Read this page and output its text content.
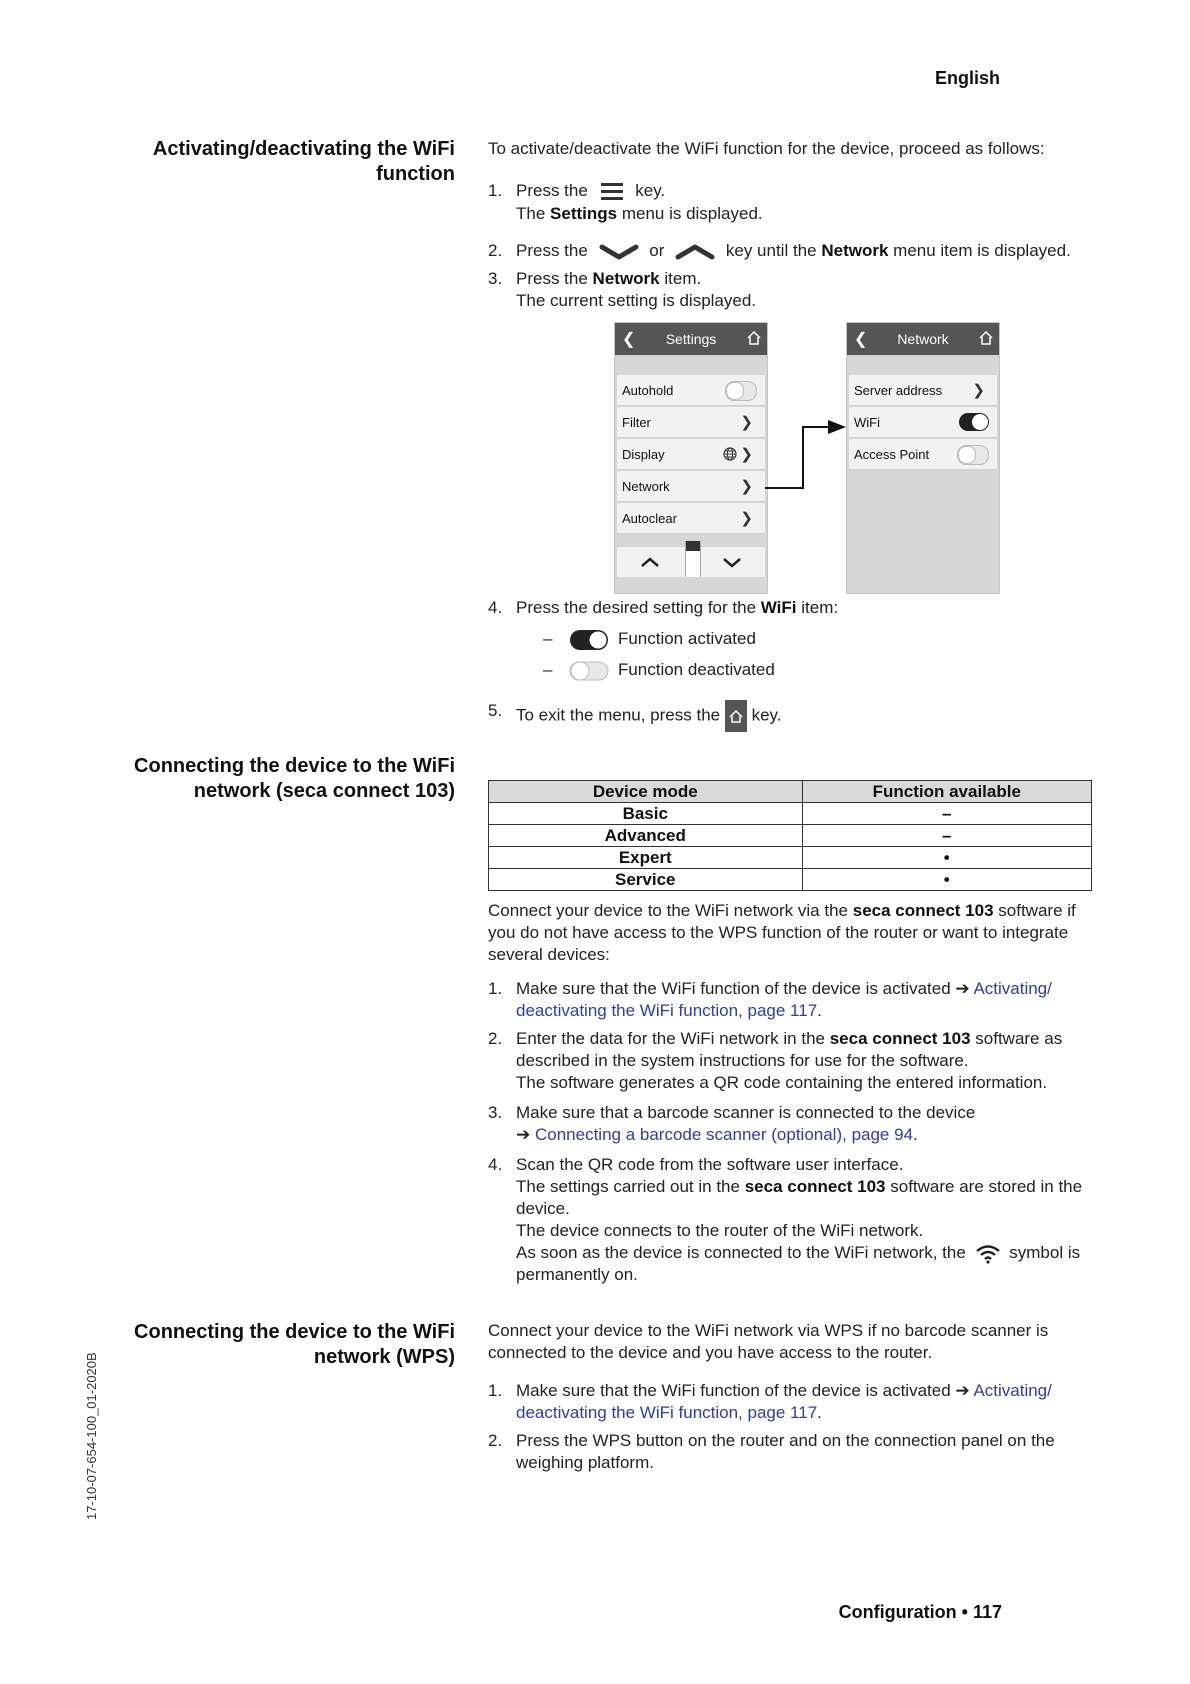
English
Activating/deactivating the WiFi
function
To activate/deactivate the WiFi function for the device, proceed as follows:
1. Press the	key.
The Settings menu is displayed.
2. Press the	or	key until the Network menu item is displayed.
3. Press the Network item.
The current setting is displayed.
❮	Settings
Autohold
Filter	❯
Display	❯
Network	❯
Autoclear	❯
❮	Network
Server address ❯
WiFi
Access Point
4. Press the desired setting for the WiFi item:
–	Function activated
–	Function deactivated
5. To exit the menu, press the key.
Connecting the device to the WiFi
network (seca connect 103)	Device mode	Function available
Basic	–
Advanced	–
Expert	•
Service	•
Connect your device to the WiFi network via the seca connect 103 software if you do not have access to the WPS function of the router or want to integrate several devices:
1. Make sure that the WiFi function of the device is activated ➔ Activating/ deactivating the WiFi function, page 117.
2. Enter the data for the WiFi network in the seca connect 103 software as described in the system instructions for use for the software.
The software generates a QR code containing the entered information.
3. Make sure that a barcode scanner is connected to the device
➔ Connecting a barcode scanner (optional), page 94.
4. Scan the QR code from the software user interface.
The settings carried out in the seca connect 103 software are stored in the device.
The device connects to the router of the WiFi network.
As soon as the device is connected to the WiFi network, the	symbol is permanently on.
Connecting the device to the WiFi
network (WPS)
Connect your device to the WiFi network via WPS if no barcode scanner is connected to the device and you have access to the router.
1. Make sure that the WiFi function of the device is activated ➔ Activating/ deactivating the WiFi function, page 117.
2. Press the WPS button on the router and on the connection panel on the weighing platform.
17-10-07-654-100_01-2020B
Configuration • 117
